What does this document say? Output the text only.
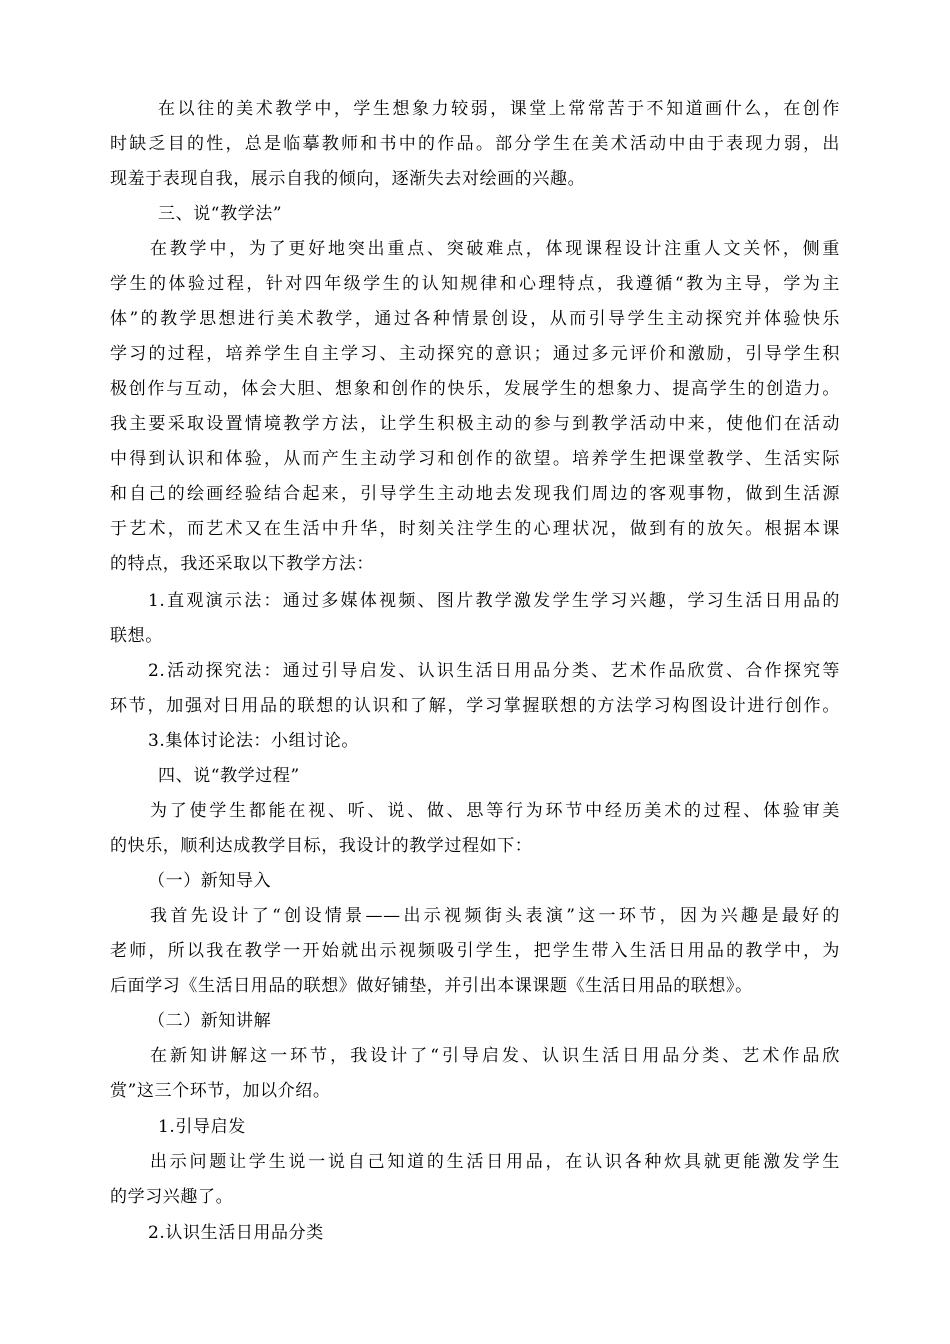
在以往的美术教学中，学生想象力较弱，课堂上常常苦于不知道画什么，在创作
时缺乏目的性，总是临摹教师和书中的作品。部分学生在美术活动中由于表现力弱，出
现羞于表现自我，展示自我的倾向，逐渐失去对绘画的兴趣。
三、说“教学法”
在教学中，为了更好地突出重点、突破难点，体现课程设计注重人文关怀，侧重
学生的体验过程，针对四年级学生的认知规律和心理特点，我遵循“教为主导，学为主
体”的教学思想进行美术教学，通过各种情景创设，从而引导学生主动探究并体验快乐
学习的过程，培养学生自主学习、主动探究的意识；通过多元评价和激励，引导学生积
极创作与互动，体会大胆、想象和创作的快乐，发展学生的想象力、提高学生的创造力。
我主要采取设置情境教学方法，让学生积极主动的参与到教学活动中来，使他们在活动
中得到认识和体验，从而产生主动学习和创作的欲望。培养学生把课堂教学、生活实际
和自己的绘画经验结合起来，引导学生主动地去发现我们周边的客观事物，做到生活源
于艺术，而艺术又在生活中升华，时刻关注学生的心理状况，做到有的放矢。根据本课
的特点，我还采取以下教学方法：
1.直观演示法：通过多媒体视频、图片教学激发学生学习兴趣，学习生活日用品的
联想。
2.活动探究法：通过引导启发、认识生活日用品分类、艺术作品欣赏、合作探究等
环节，加强对日用品的联想的认识和了解，学习掌握联想的方法学习构图设计进行创作。
3.集体讨论法：小组讨论。
四、说“教学过程”
为了使学生都能在视、听、说、做、思等行为环节中经历美术的过程、体验审美
的快乐，顺利达成教学目标，我设计的教学过程如下：
（一）新知导入
我首先设计了“创设情景——出示视频街头表演”这一环节，因为兴趣是最好的
老师，所以我在教学一开始就出示视频吸引学生，把学生带入生活日用品的教学中，为
后面学习《生活日用品的联想》做好铺垫，并引出本课课题《生活日用品的联想》。
（二）新知讲解
在新知讲解这一环节，我设计了“引导启发、认识生活日用品分类、艺术作品欣
赏”这三个环节，加以介绍。
1.引导启发
出示问题让学生说一说自己知道的生活日用品，在认识各种炊具就更能激发学生
的学习兴趣了。
2.认识生活日用品分类
